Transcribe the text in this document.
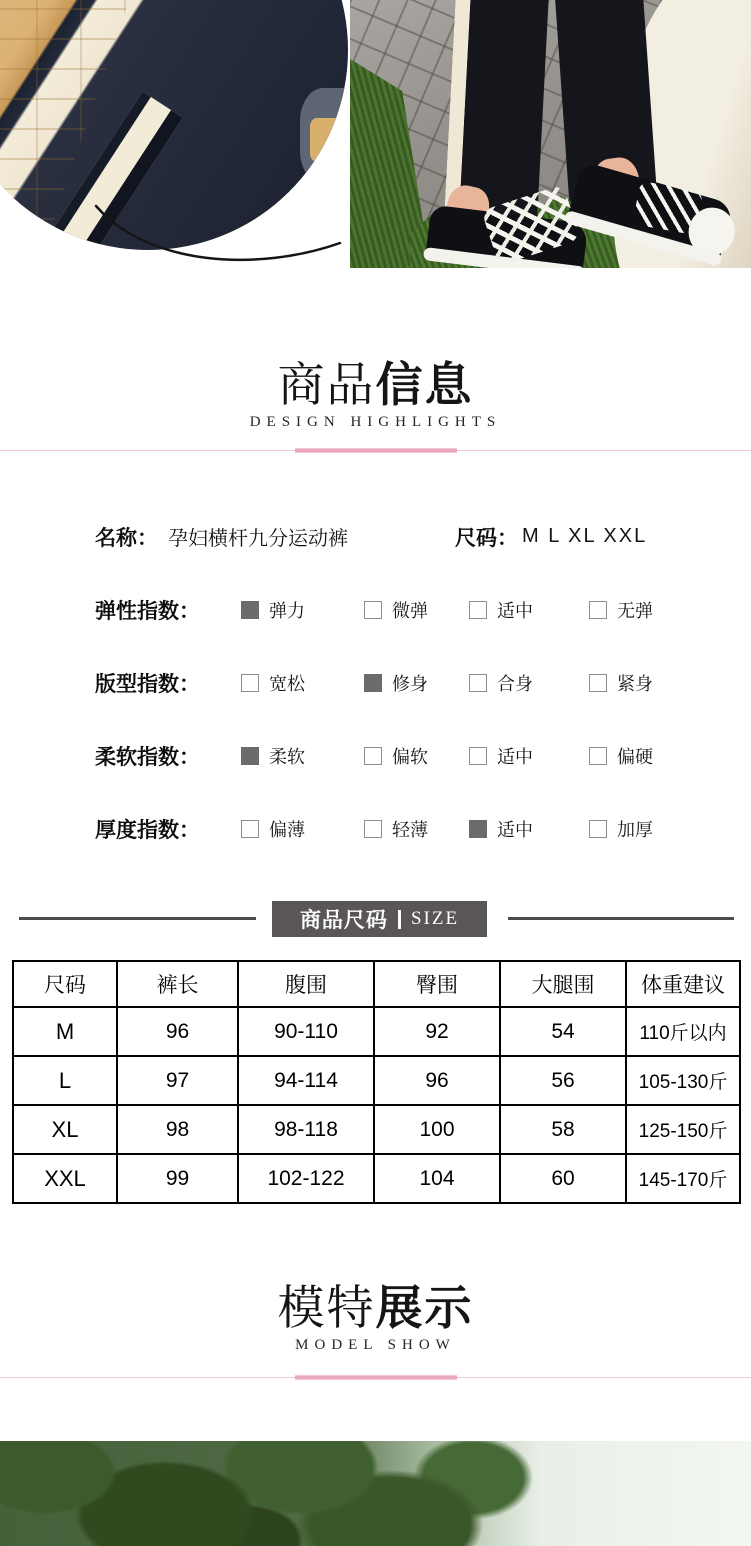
商品信息
DESIGN HIGHLIGHTS
名称： 孕妇横杆九分运动裤	尺码： M L XL XXL
弹性指数：	弹力	微弹	适中	无弹
版型指数：	宽松	修身	合身	紧身
柔软指数：	柔软	偏软	适中	偏硬
厚度指数：	偏薄	轻薄	适中	加厚
商品尺码 SIZE
尺码	裤长	腹围	臀围	大腿围	体重建议
M	96	90-110	92	54	110斤以内
L	97	94-114	96	56	105-130斤
XL	98	98-118	100	58	125-150斤
XXL	99	102-122	104	60	145-170斤
模特展示
MODEL SHOW
